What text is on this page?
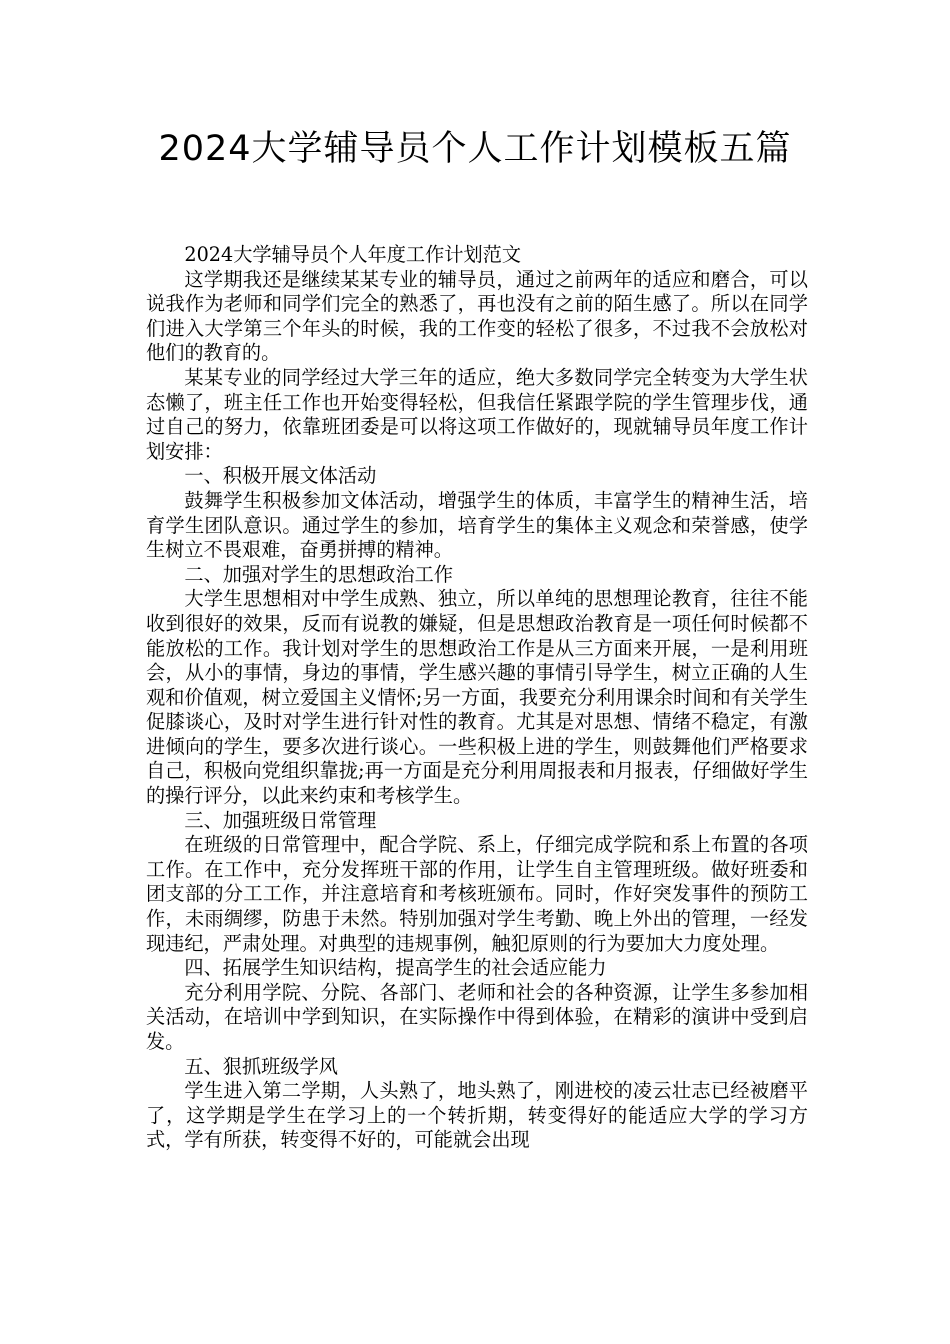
2024大学辅导员个人工作计划模板五篇

2024大学辅导员个人年度工作计划范文

这学期我还是继续某某专业的辅导员，通过之前两年的适应和磨合，可以说我作为老师和同学们完全的熟悉了，再也没有之前的陌生感了。所以在同学们进入大学第三个年头的时候，我的工作变的轻松了很多，不过我不会放松对他们的教育的。

某某专业的同学经过大学三年的适应，绝大多数同学完全转变为大学生状态懒了，班主任工作也开始变得轻松，但我信任紧跟学院的学生管理步伐，通过自己的努力，依靠班团委是可以将这项工作做好的，现就辅导员年度工作计划安排：

一、积极开展文体活动

鼓舞学生积极参加文体活动，增强学生的体质，丰富学生的精神生活，培育学生团队意识。通过学生的参加，培育学生的集体主义观念和荣誉感，使学生树立不畏艰难，奋勇拼搏的精神。

二、加强对学生的思想政治工作

大学生思想相对中学生成熟、独立，所以单纯的思想理论教育，往往不能收到很好的效果，反而有说教的嫌疑，但是思想政治教育是一项任何时候都不能放松的工作。我计划对学生的思想政治工作是从三方面来开展，一是利用班会，从小的事情，身边的事情，学生感兴趣的事情引导学生，树立正确的人生观和价值观，树立爱国主义情怀;另一方面，我要充分利用课余时间和有关学生促膝谈心，及时对学生进行针对性的教育。尤其是对思想、情绪不稳定，有激进倾向的学生，要多次进行谈心。一些积极上进的学生，则鼓舞他们严格要求自己，积极向党组织靠拢;再一方面是充分利用周报表和月报表，仔细做好学生的操行评分，以此来约束和考核学生。

三、加强班级日常管理

在班级的日常管理中，配合学院、系上，仔细完成学院和系上布置的各项工作。在工作中，充分发挥班干部的作用，让学生自主管理班级。做好班委和团支部的分工工作，并注意培育和考核班颁布。同时，作好突发事件的预防工作，未雨绸缪，防患于未然。特别加强对学生考勤、晚上外出的管理，一经发现违纪，严肃处理。对典型的违规事例，触犯原则的行为要加大力度处理。

四、拓展学生知识结构，提高学生的社会适应能力

充分利用学院、分院、各部门、老师和社会的各种资源，让学生多参加相关活动，在培训中学到知识，在实际操作中得到体验，在精彩的演讲中受到启发。

五、狠抓班级学风

学生进入第二学期，人头熟了，地头熟了，刚进校的凌云壮志已经被磨平了，这学期是学生在学习上的一个转折期，转变得好的能适应大学的学习方式，学有所获，转变得不好的，可能就会出现
